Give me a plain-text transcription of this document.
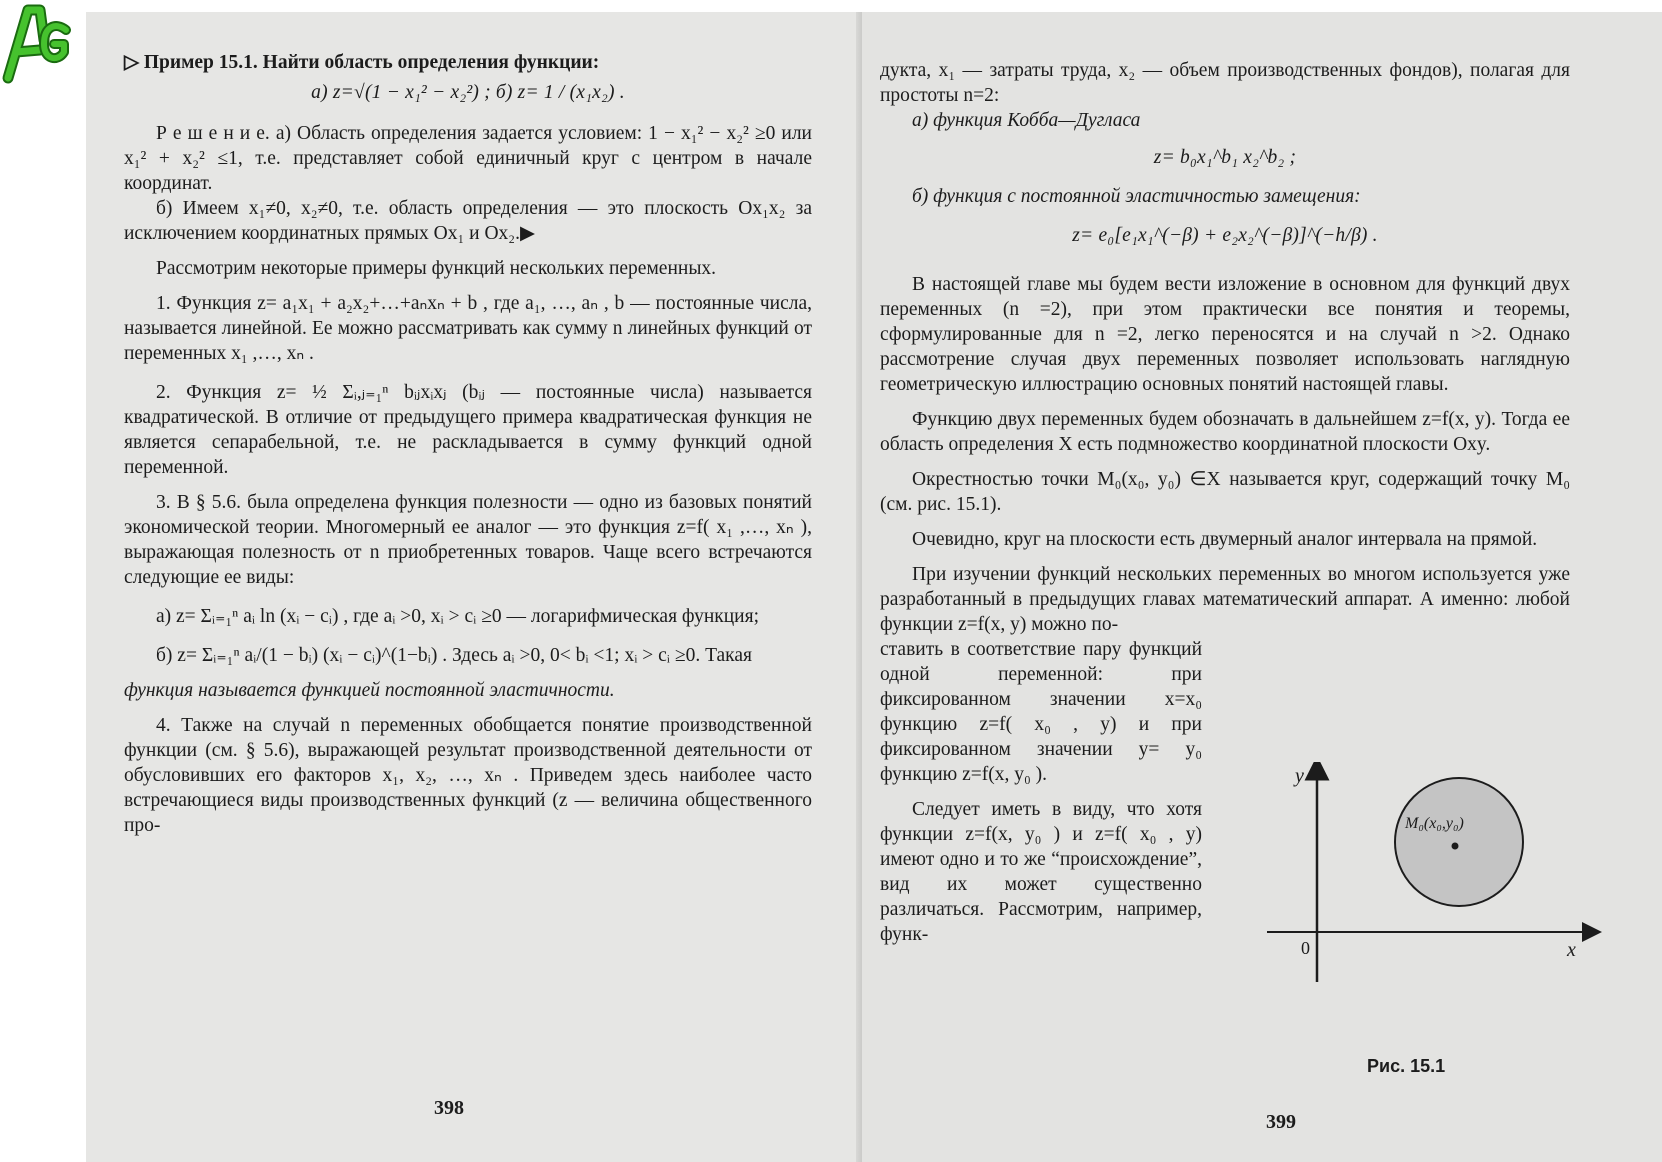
▷ Пример 15.1. Найти область определения функции:

а) z=√(1 − x₁² − x₂²) ; б) z= 1 / (x₁x₂) .

Р е ш е н и е. а) Область определения задается условием: 1 − x₁² − x₂² ≥0 или x₁² + x₂² ≤1, т.е. представляет собой единичный круг с центром в начале координат.

б) Имеем x₁≠0, x₂≠0, т.е. область определения — это плоскость Ox₁x₂ за исключением координатных прямых Ox₁ и Ox₂.▶

Рассмотрим некоторые примеры функций нескольких переменных.

1. Функция z= a₁x₁ + a₂x₂+…+aₙxₙ + b , где a₁, …, aₙ , b — постоянные числа, называется линейной. Ее можно рассматривать как сумму n линейных функций от переменных x₁ ,…, xₙ .

2. Функция z= ½ Σᵢ,ⱼ₌₁ⁿ bᵢⱼxᵢxⱼ (bᵢⱼ — постоянные числа) называется квадратической. В отличие от предыдущего примера квадратическая функция не является сепарабельной, т.е. не раскладывается в сумму функций одной переменной.

3. В § 5.6. была определена функция полезности — одно из базовых понятий экономической теории. Многомерный ее аналог — это функция z=f( x₁ ,…, xₙ ), выражающая полезность от n приобретенных товаров. Чаще всего встречаются следующие ее виды:

а) z= Σᵢ₌₁ⁿ aᵢ ln (xᵢ − cᵢ) , где aᵢ >0, xᵢ > cᵢ ≥0 — логарифмическая функция;

б) z= Σᵢ₌₁ⁿ aᵢ/(1 − bᵢ) (xᵢ − cᵢ)^(1−bᵢ) . Здесь aᵢ >0, 0< bᵢ <1; xᵢ > cᵢ ≥0. Такая

функция называется функцией постоянной эластичности.

4. Также на случай n переменных обобщается понятие производственной функции (см. § 5.6), выражающей результат производственной деятельности от обусловивших его факторов x₁, x₂, …, xₙ . Приведем здесь наиболее часто встречающиеся виды производственных функций (z — величина общественного про-

398

дукта, x₁ — затраты труда, x₂ — объем производственных фондов), полагая для простоты n=2:

а) функция Кобба—Дугласа

z= b₀x₁^b₁ x₂^b₂ ;

б) функция с постоянной эластичностью замещения:

z= e₀[e₁x₁^(−β) + e₂x₂^(−β)]^(−h/β) .

В настоящей главе мы будем вести изложение в основном для функций двух переменных (n =2), при этом практически все понятия и теоремы, сформулированные для n =2, легко переносятся и на случай n >2. Однако рассмотрение случая двух переменных позволяет использовать наглядную геометрическую иллюстрацию основных понятий настоящей главы.

Функцию двух переменных будем обозначать в дальнейшем z=f(x, y). Тогда ее область определения X есть подмножество координатной плоскости Oxy.

Окрестностью точки M₀(x₀, y₀) ∈X называется круг, содержащий точку M₀ (см. рис. 15.1).

Очевидно, круг на плоскости есть двумерный аналог интервала на прямой.

При изучении функций нескольких переменных во многом используется уже разработанный в предыдущих главах математический аппарат. А именно: любой функции z=f(x, y) можно по-

ставить в соответствие пару функций одной переменной: при фиксированном значении x=x₀ функцию z=f( x₀ , y) и при фиксированном значении y= y₀ функцию z=f(x, y₀ ).

Следует иметь в виду, что хотя функции z=f(x, y₀ ) и z=f( x₀ , y) имеют одно и то же “происхождение”, вид их может существенно различаться. Рассмотрим, например, функ-

M₀(x₀,y₀)
y
x
0
Рис. 15.1
399
